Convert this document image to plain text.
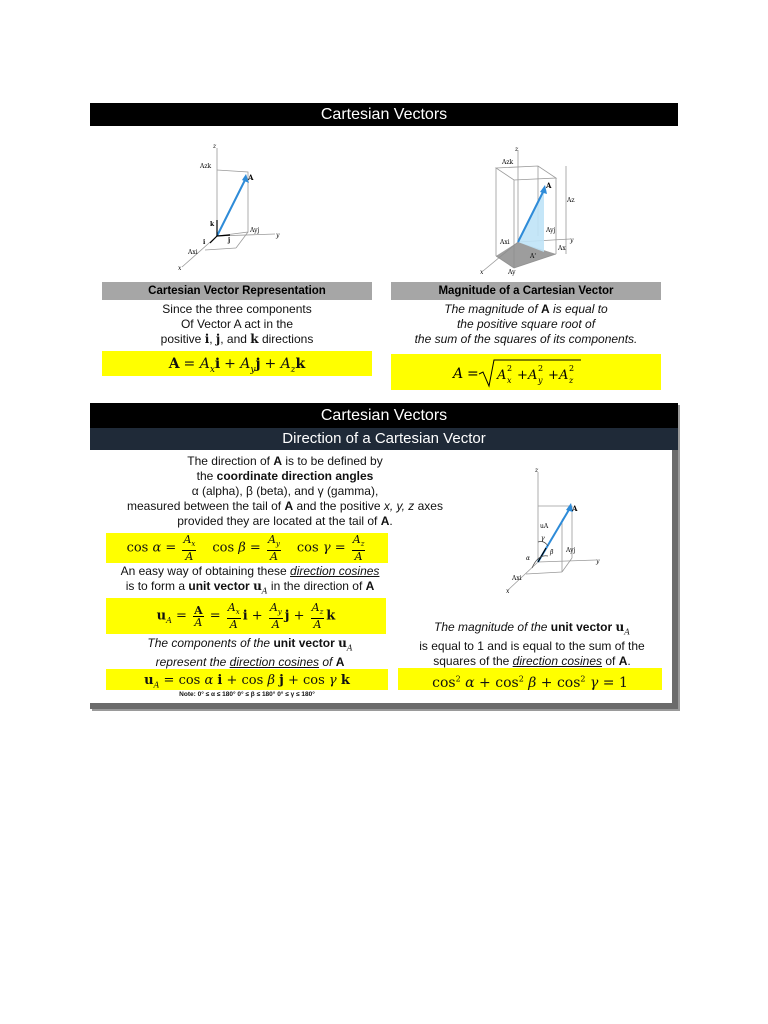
Cartesian Vectors
z
Azk
A
k
Ayj
i	j
Axi
x
y
z
Azk
A
Az
Ayj
Axi
A'
Ax
Ay
x
y
Cartesian Vector Representation
Since the three components
Of Vector A act in the
positive i, j, and k directions
$A = A_xi + A_yj + A_zk$
Magnitude of a Cartesian Vector
The magnitude of A is equal to
the positive square root of
the sum of the squares of its components.
A = A x
2 + A y
2 + A z
2
Cartesian Vectors
Direction of a Cartesian Vector
The direction of A is to be defined by
the coordinate direction angles
α (alpha), β (beta), and γ (gamma),
measured between the tail of A and the positive x, y, z axes
provided they are located at the tail of A.
$\cos \alpha = \frac{A_x}{A}$ $\cos \beta = \frac{A_y}{A}$ $\cos \gamma = \frac{A_z}{A}$
An easy way of obtaining these direction cosines
is to form a unit vector $u_A$ in the direction of A
$u_A = \frac{A}{A} = \frac{A_x}{A}$ $i + \frac{A_y}{A}$ $j + \frac{A_z}{A}$ k
The components of the unit vector $u_A$
represent the direction cosines of A
$u_A = \cos \alpha$ i + cos β j + cos γ k
Note: 0° ≤ α ≤ 180° 0° ≤ β ≤ 180° 0° ≤ γ ≤ 180°
z
A
γ
uA
α
β Ayj
Axi
x
y
The magnitude of the unit vector $u_A$
is equal to 1 and is equal to the sum of the
squares of the direction cosines of A.
$\cos^2 \alpha + \cos^2 \beta + \cos^2 \gamma = 1$
